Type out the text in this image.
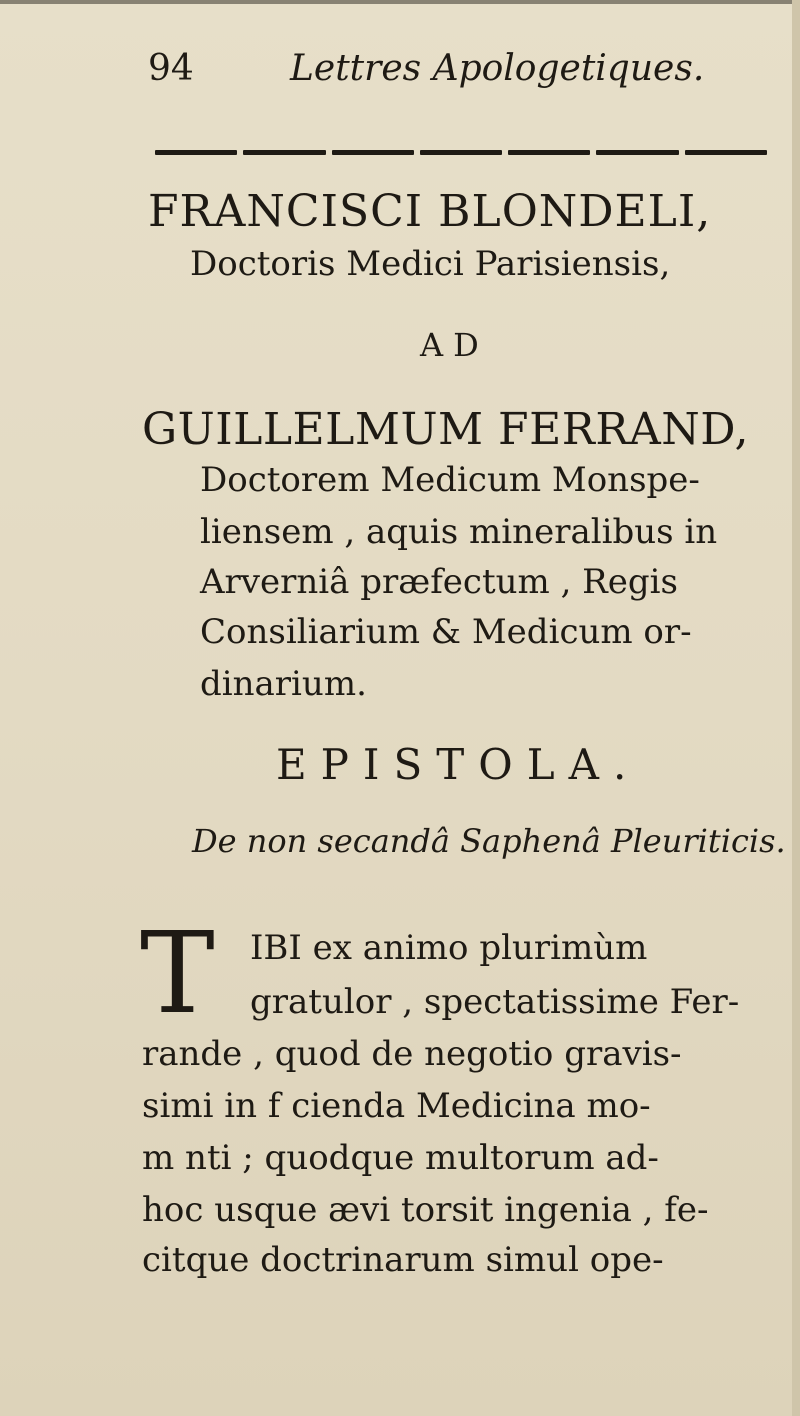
94	Lettres Apologetiques.
FRANCISCI BLONDELI,
Doctoris Medici Parisiensis,
AD
GUILLELMUM FERRAND,
Doctorem Medicum Monspe-
liensem , aquis mineralibus in
Arverniâ præfectum , Regis
Consiliarium & Medicum or-
dinarium.
EPISTOLA.
De non secandâ Saphenâ Pleuriticis.
T IBI ex animo plurimùm
gratulor , spectatissime Fer-
rande , quod de negotio gravis-
simi in f cienda Medicina mo-
m nti ; quodque multorum ad-
hoc usque ævi torsit ingenia , fe-
citque doctrinarum simul ope-
